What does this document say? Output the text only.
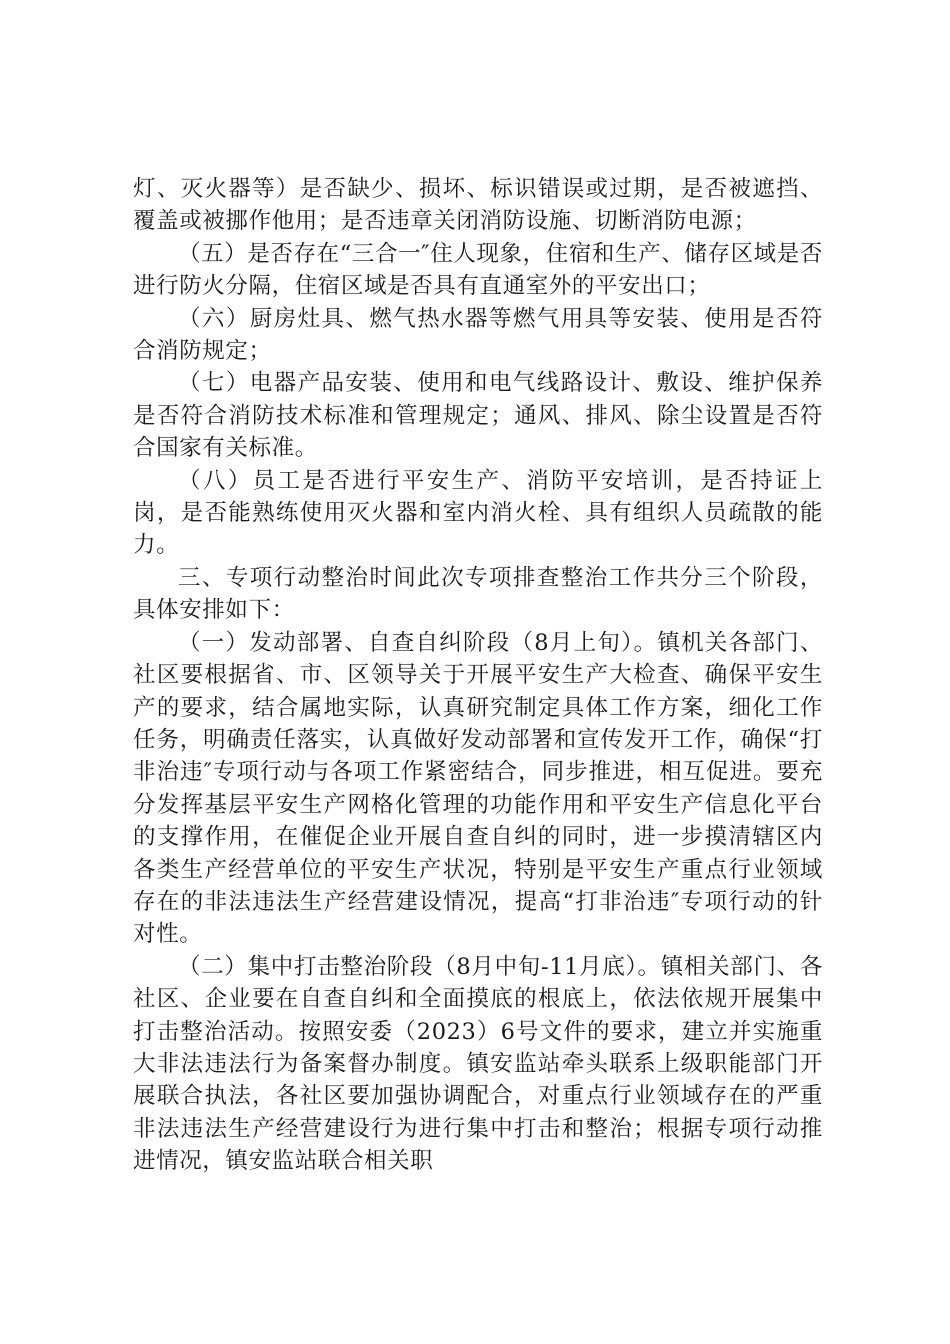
灯、灭火器等）是否缺少、损坏、标识错误或过期，是否被遮挡、覆盖或被挪作他用；是否违章关闭消防设施、切断消防电源；

（五）是否存在“三合一″住人现象，住宿和生产、储存区域是否进行防火分隔，住宿区域是否具有直通室外的平安出口；

（六）厨房灶具、燃气热水器等燃气用具等安装、使用是否符合消防规定；

（七）电器产品安装、使用和电气线路设计、敷设、维护保养是否符合消防技术标准和管理规定；通风、排风、除尘设置是否符合国家有关标准。

（八）员工是否进行平安生产、消防平安培训，是否持证上岗，是否能熟练使用灭火器和室内消火栓、具有组织人员疏散的能力。

三、专项行动整治时间此次专项排查整治工作共分三个阶段，具体安排如下：

（一）发动部署、自查自纠阶段（8月上旬）。镇机关各部门、社区要根据省、市、区领导关于开展平安生产大检查、确保平安生产的要求，结合属地实际，认真研究制定具体工作方案，细化工作任务，明确责任落实，认真做好发动部署和宣传发开工作，确保“打非治违″专项行动与各项工作紧密结合，同步推进，相互促进。要充分发挥基层平安生产网格化管理的功能作用和平安生产信息化平台的支撑作用，在催促企业开展自查自纠的同时，进一步摸清辖区内各类生产经营单位的平安生产状况，特别是平安生产重点行业领域存在的非法违法生产经营建设情况，提高“打非治违″专项行动的针对性。

（二）集中打击整治阶段（8月中旬-11月底）。镇相关部门、各社区、企业要在自查自纠和全面摸底的根底上，依法依规开展集中打击整治活动。按照安委（2023）6号文件的要求，建立并实施重大非法违法行为备案督办制度。镇安监站牵头联系上级职能部门开展联合执法，各社区要加强协调配合，对重点行业领域存在的严重非法违法生产经营建设行为进行集中打击和整治；根据专项行动推进情况，镇安监站联合相关职
